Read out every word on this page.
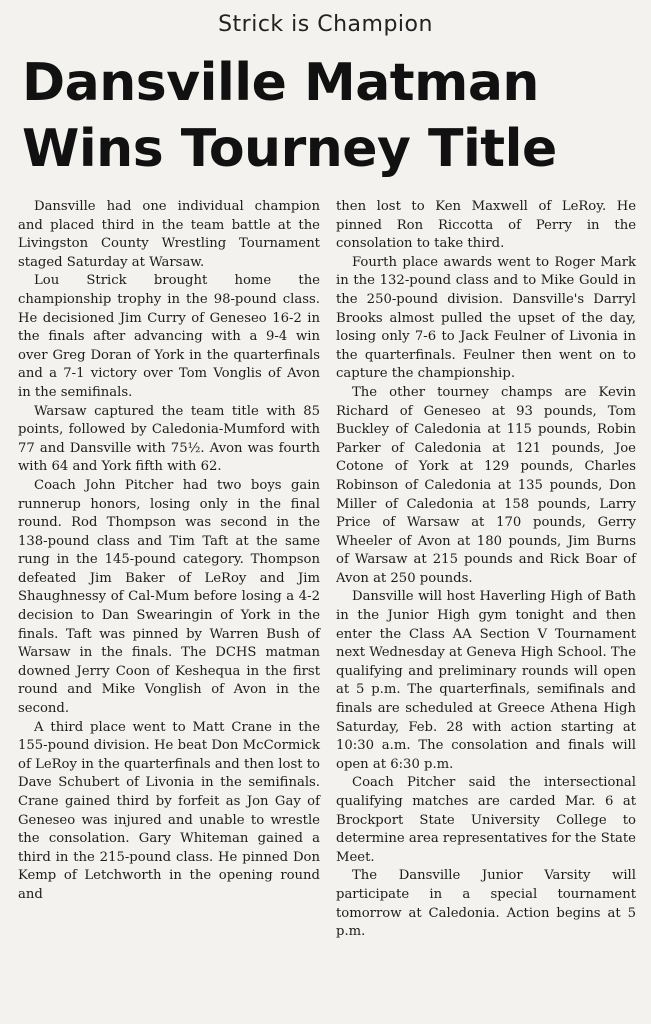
Strick is Champion
Dansville Matman
Wins Tourney Title

Dansville had one individual champion and placed third in the team battle at the Livingston County Wrestling Tournament staged Saturday at Warsaw.

Lou Strick brought home the championship trophy in the 98-pound class. He decisioned Jim Curry of Geneseo 16-2 in the finals after advancing with a 9-4 win over Greg Doran of York in the quarterfinals and a 7-1 victory over Tom Vonglis of Avon in the semifinals.

Warsaw captured the team title with 85 points, followed by Caledonia-Mumford with 77 and Dansville with 75½. Avon was fourth with 64 and York fifth with 62.

Coach John Pitcher had two boys gain runnerup honors, losing only in the final round. Rod Thompson was second in the 138-pound class and Tim Taft at the same rung in the 145-pound category. Thompson defeated Jim Baker of LeRoy and Jim Shaughnessy of Cal-Mum before losing a 4-2 decision to Dan Swearingin of York in the finals. Taft was pinned by Warren Bush of Warsaw in the finals. The DCHS matman downed Jerry Coon of Keshequa in the first round and Mike Vonglish of Avon in the second.

A third place went to Matt Crane in the 155-pound division. He beat Don McCormick of LeRoy in the quarterfinals and then lost to Dave Schubert of Livonia in the semifinals. Crane gained third by forfeit as Jon Gay of Geneseo was injured and unable to wrestle the consolation. Gary Whiteman gained a third in the 215-pound class. He pinned Don Kemp of Letchworth in the opening round and

then lost to Ken Maxwell of LeRoy. He pinned Ron Riccotta of Perry in the consolation to take third.

Fourth place awards went to Roger Mark in the 132-pound class and to Mike Gould in the 250-pound division. Dansville's Darryl Brooks almost pulled the upset of the day, losing only 7-6 to Jack Feulner of Livonia in the quarterfinals. Feulner then went on to capture the championship.

The other tourney champs are Kevin Richard of Geneseo at 93 pounds, Tom Buckley of Caledonia at 115 pounds, Robin Parker of Caledonia at 121 pounds, Joe Cotone of York at 129 pounds, Charles Robinson of Caledonia at 135 pounds, Don Miller of Caledonia at 158 pounds, Larry Price of Warsaw at 170 pounds, Gerry Wheeler of Avon at 180 pounds, Jim Burns of Warsaw at 215 pounds and Rick Boar of Avon at 250 pounds.

Dansville will host Haverling High of Bath in the Junior High gym tonight and then enter the Class AA Section V Tournament next Wednesday at Geneva High School. The qualifying and preliminary rounds will open at 5 p.m. The quarterfinals, semifinals and finals are scheduled at Greece Athena High Saturday, Feb. 28 with action starting at 10:30 a.m. The consolation and finals will open at 6:30 p.m.

Coach Pitcher said the intersectional qualifying matches are carded Mar. 6 at Brockport State University College to determine area representatives for the State Meet.

The Dansville Junior Varsity will participate in a special tournament tomorrow at Caledonia. Action begins at 5 p.m.
